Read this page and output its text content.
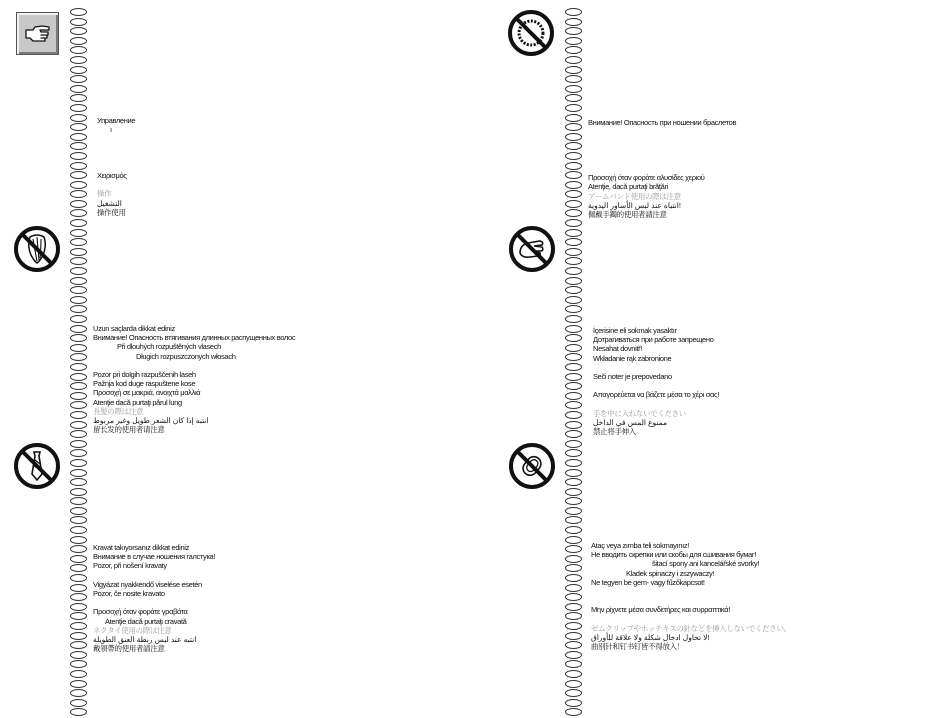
Управление
ı
Χειρισμός
操作
التشغيل
操作使用
Внимание! Опасность при ношении браслетов
Προσοχή όταν φοράτε αλυσίδες χεριού
Atenţie, dacă purtaţi brăţări
アームバンド使用の際は注意
انتباه عند لبس الأساور اليدوية!
佩戴手鐲的使用者請注意
Uzun saçlarda dikkat ediniz
Внимание! Опасность втягивания длинных распущенных волос
Při dlouhých rozpuštěných vlasech
Długich rozpuszczonych włosach
Pozor pri dolgih razpuščenih laseh
Pažnja kod duge raspuštene kose
Προσοχή σε μακριά, ανοιχτά μαλλιά
Atenţie dacă purtaţi părul lung
長髪の際は注意
انتبه إذا كان الشعر طويل وغير مربوط
留长发的使用者请注意
İçerisine eli sokmak yasaktır
Дотрагиваться при работе запрещено
Nesahat dovnitř!
Wkładanie rąk zabronione
Seči noter je prepovedano
Απαγορεύεται να βάζετε μέσα το χέρι σας!
手を中に入れないでください
ممنوع المس في الداخل
禁止将手伸入
Kravat takıyorsanız dikkat ediniz
Внимание в случае ношения галстука!
Pozor, při nošení kravaty
Vigyázat nyakkendő viselése esetén
Pozor, če nosite kravato
Προσοχή όταν φοράτε γραβάτα
Atenţie dacă purtaţi cravată
ネクタイ使用の際は注意
انتبه عند لبس ربطة العنق الطويلة
戴領帶的使用者請注意
Ataç veya zımba teli sokmayınız!
Не вводить скрепки или скобы для сшивания бумаг!
šitací spony ani kancelářské svorky!
Kladek spinaczy i zszywaczy!
Ne tegyen be gem- vagy fűzőkapcsot!
Μην ρίχνετε μέσα συνδετήρες και συρραπτικά!
ゼムクリップやホッチキスの針などを挿入しないでください。
لا تحاول ادخال شكلة ولا علاقة للأوراق!
曲别针和钉书钉皆不得放入！
